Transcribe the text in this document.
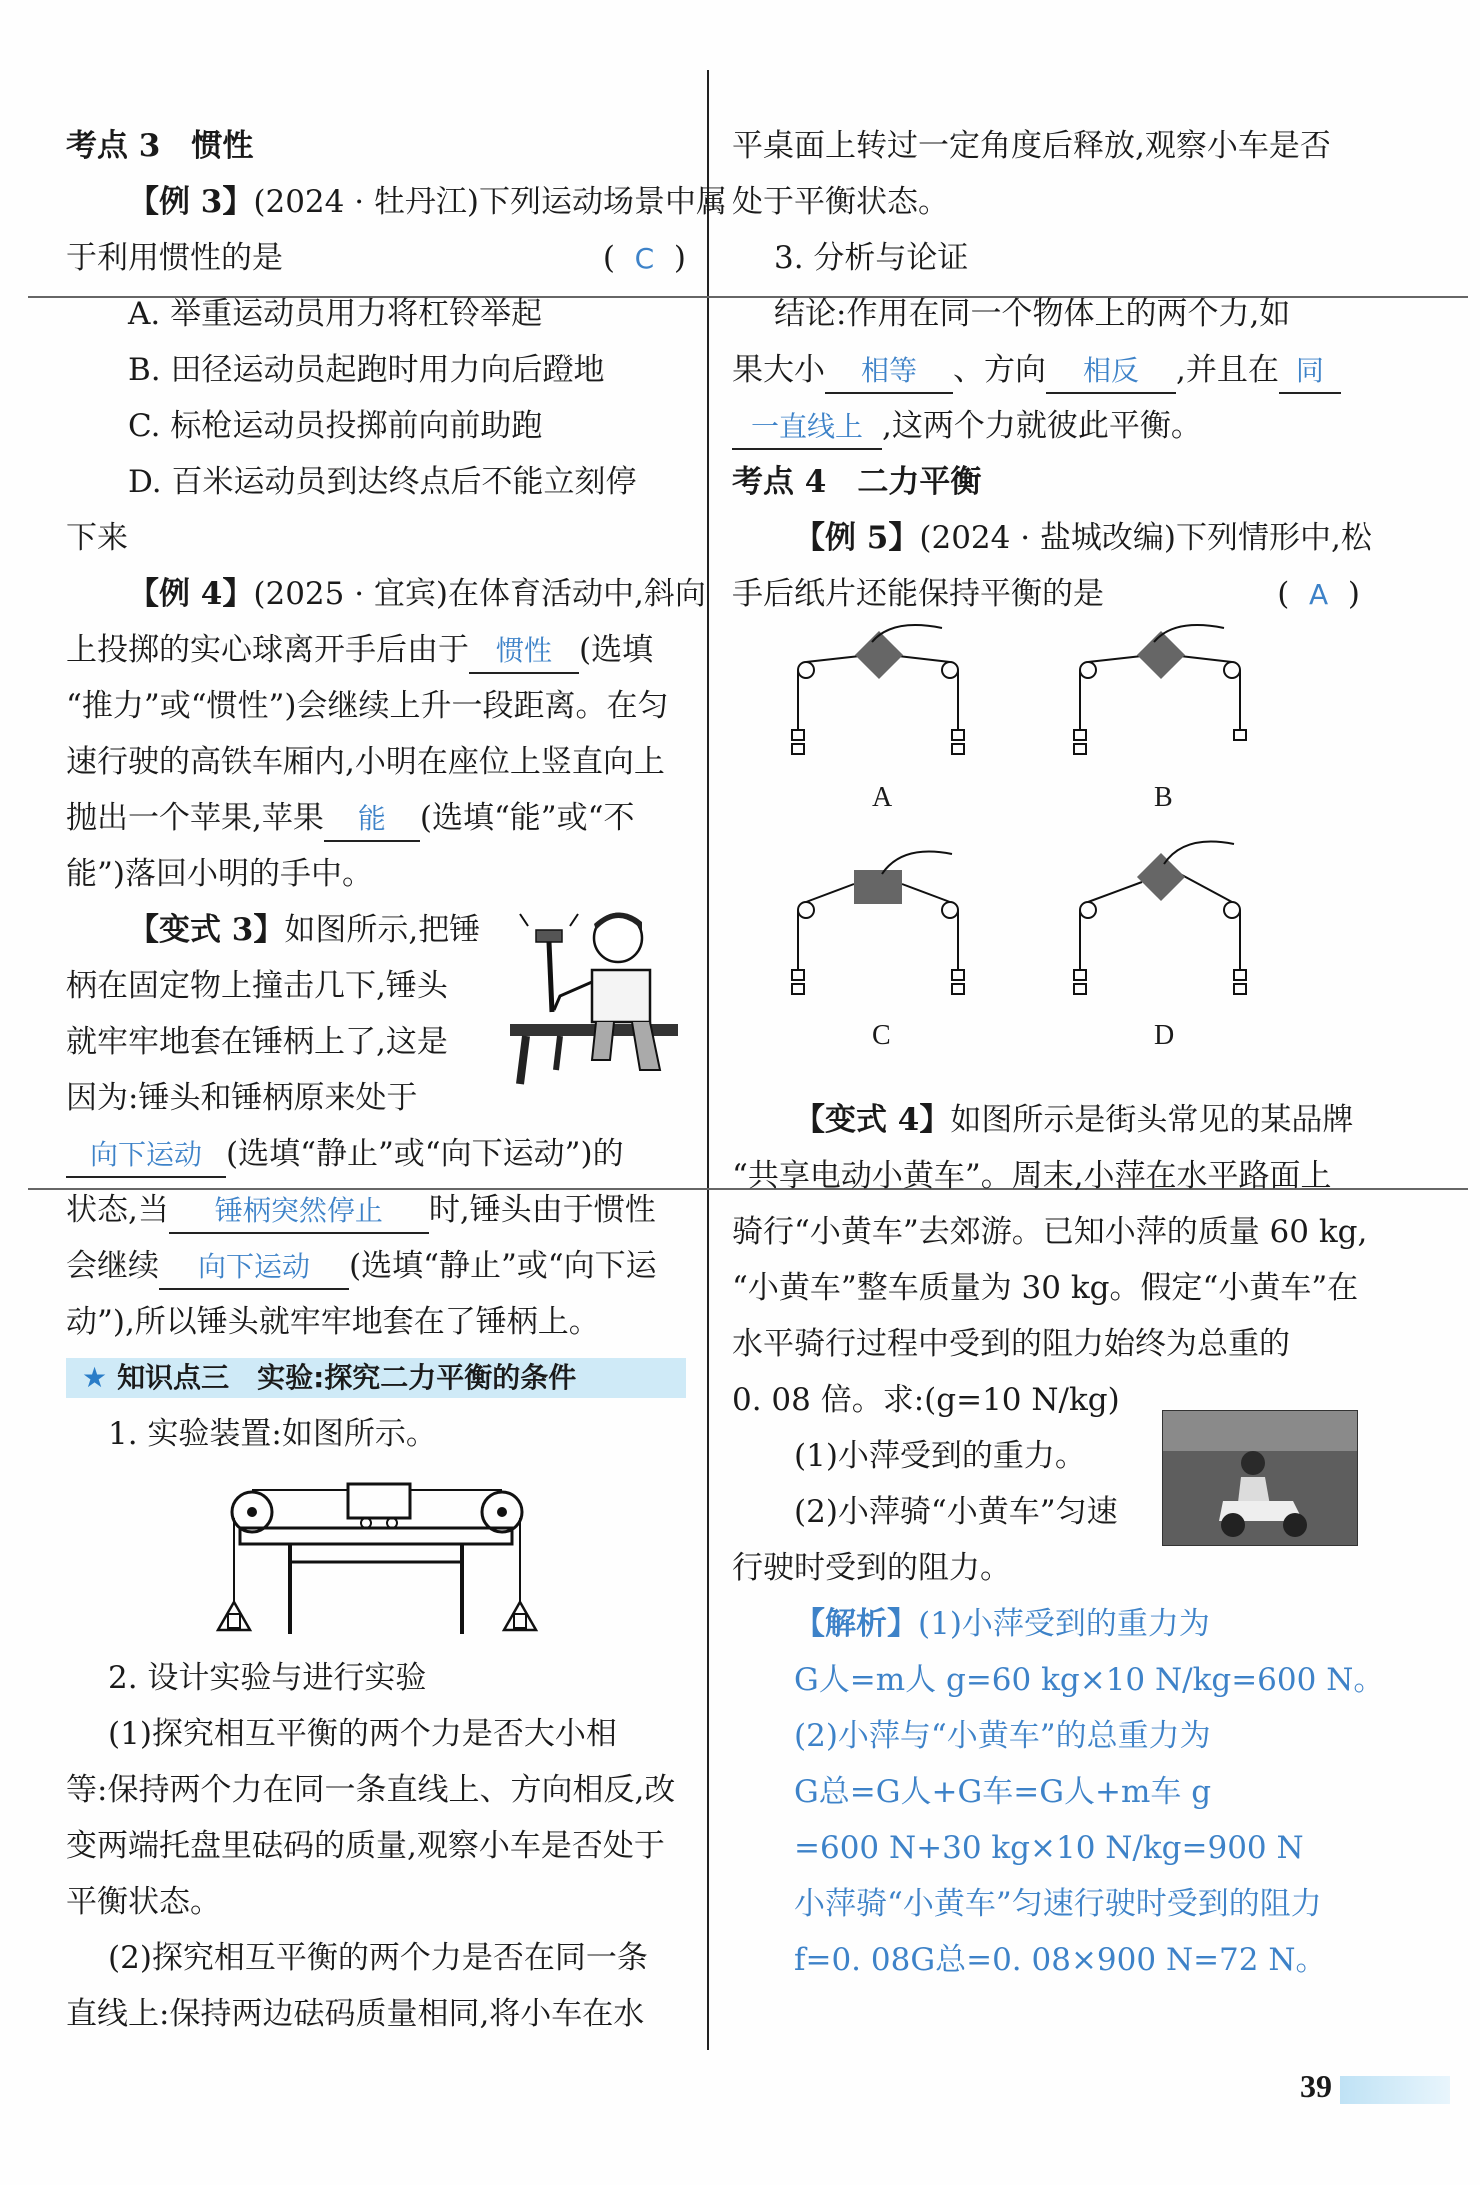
考点 3　惯性
【例 3】(2024 · 牡丹江)下列运动场景中属
于利用惯性的是	(  C  )
A. 举重运动员用力将杠铃举起
B. 田径运动员起跑时用力向后蹬地
C. 标枪运动员投掷前向前助跑
D. 百米运动员到达终点后不能立刻停
下来
【例 4】(2025 · 宜宾)在体育活动中,斜向
上投掷的实心球离开手后由于 惯性 (选填
“推力”或“惯性”)会继续上升一段距离。在匀
速行驶的高铁车厢内,小明在座位上竖直向上
抛出一个苹果,苹果 能 (选填“能”或“不
能”)落回小明的手中。
【变式 3】如图所示,把锤
柄在固定物上撞击几下,锤头
就牢牢地套在锤柄上了,这是
因为:锤头和锤柄原来处于
向下运动 (选填“静止”或“向下运动”)的
状态,当 锤柄突然停止 时,锤头由于惯性
会继续 向下运动 (选填“静止”或“向下运
动”),所以锤头就牢牢地套在了锤柄上。
★ 知识点三　实验:探究二力平衡的条件
1. 实验装置:如图所示。
2. 设计实验与进行实验
(1)探究相互平衡的两个力是否大小相
等:保持两个力在同一条直线上、方向相反,改
变两端托盘里砝码的质量,观察小车是否处于
平衡状态。
(2)探究相互平衡的两个力是否在同一条
直线上:保持两边砝码质量相同,将小车在水
平桌面上转过一定角度后释放,观察小车是否
处于平衡状态。
3. 分析与论证
结论:作用在同一个物体上的两个力,如
果大小 相等 、方向 相反 ,并且在 同
一直线上 ,这两个力就彼此平衡。
考点 4　二力平衡
【例 5】(2024 · 盐城改编)下列情形中,松
手后纸片还能保持平衡的是	(  A  )
A	B
C	D
【变式 4】如图所示是街头常见的某品牌
“共享电动小黄车”。周末,小萍在水平路面上
骑行“小黄车”去郊游。已知小萍的质量 60 kg,
“小黄车”整车质量为 30 kg。假定“小黄车”在
水平骑行过程中受到的阻力始终为总重的
0. 08 倍。求:(g=10 N/kg)
(1)小萍受到的重力。
(2)小萍骑“小黄车”匀速
行驶时受到的阻力。
【解析】(1)小萍受到的重力为
G人=m人 g=60 kg×10 N/kg=600 N。
(2)小萍与“小黄车”的总重力为
G总=G人+G车=G人+m车 g
=600 N+30 kg×10 N/kg=900 N
小萍骑“小黄车”匀速行驶时受到的阻力
f=0. 08G总=0. 08×900 N=72 N。
39
